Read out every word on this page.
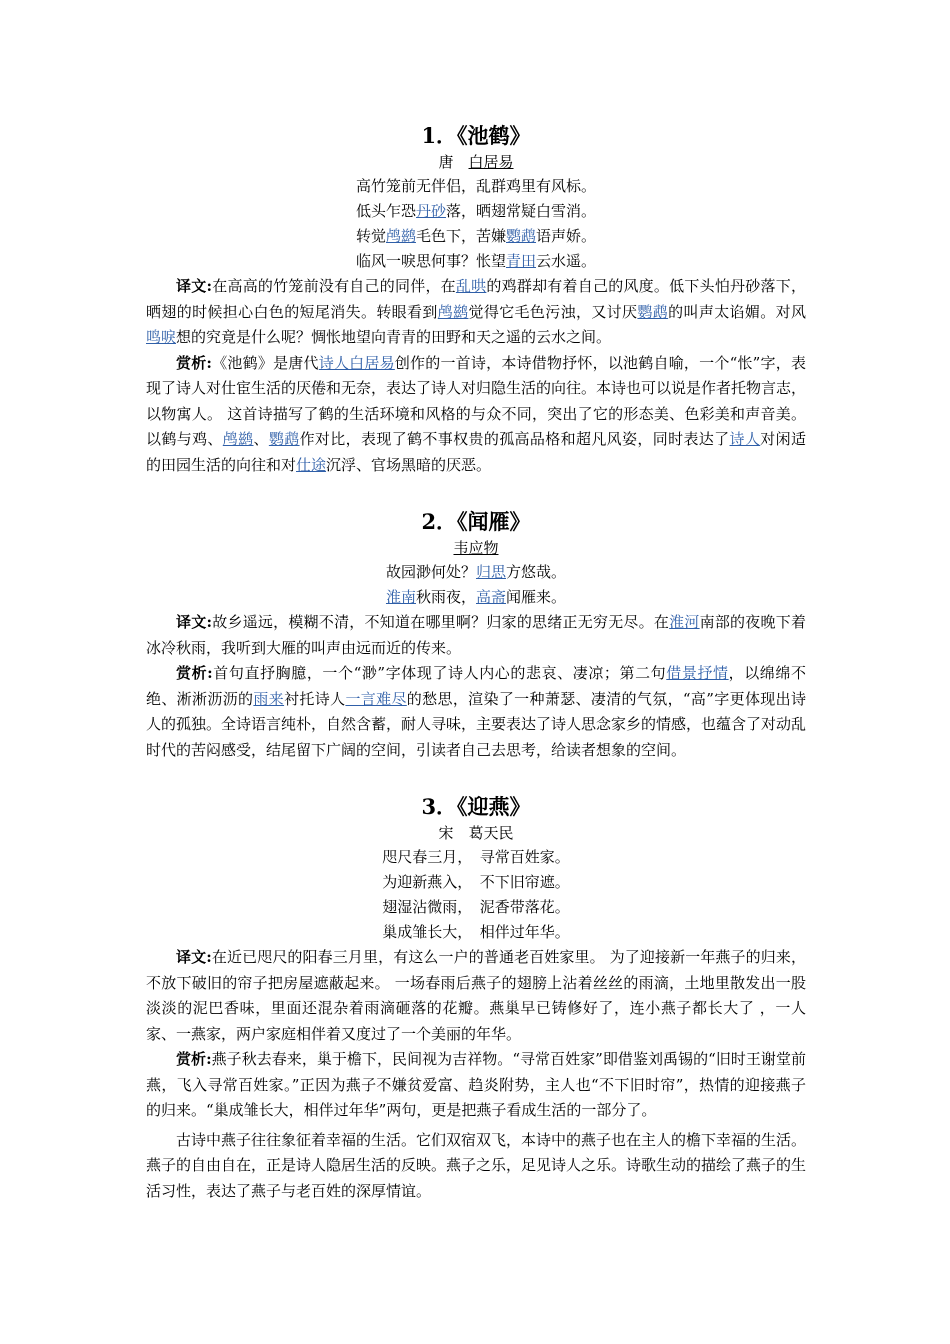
1．《池鹤》
唐　 白居易
高竹笼前无伴侣，乱群鸡里有风标。
低头乍恐丹砂落，晒翅常疑白雪消。
转觉鸬鹚毛色下，苦嫌鹦鹉语声娇。
临风一唳思何事？怅望青田云水遥。

译文:在高高的竹笼前没有自己的同伴，在乱哄的鸡群却有着自己的风度。低下头怕丹砂落下，晒翅的时候担心白色的短尾消失。转眼看到鸬鹚觉得它毛色污浊，又讨厌鹦鹉的叫声太谄媚。对风鸣唳想的究竟是什么呢？惆怅地望向青青的田野和天之遥的云水之间。

赏析:《池鹤》是唐代诗人白居易创作的一首诗，本诗借物抒怀，以池鹤自喻，一个“怅”字，表现了诗人对仕宦生活的厌倦和无奈，表达了诗人对归隐生活的向往。本诗也可以说是作者托物言志，以物寓人。 这首诗描写了鹤的生活环境和风格的与众不同，突出了它的形态美、色彩美和声音美。以鹤与鸡、鸬鹚、鹦鹉作对比，表现了鹤不事权贵的孤高品格和超凡风姿，同时表达了诗人对闲适的田园生活的向往和对仕途沉浮、官场黑暗的厌恶。

2．《闻雁》
韦应物
故园渺何处？归思方悠哉。
淮南秋雨夜，高斋闻雁来。

译文:故乡遥远，模糊不清，不知道在哪里啊？归家的思绪正无穷无尽。在淮河南部的夜晚下着冰冷秋雨，我听到大雁的叫声由远而近的传来。

赏析:首句直抒胸臆，一个“渺”字体现了诗人内心的悲哀、凄凉；第二句借景抒情，以绵绵不绝、淅淅沥沥的雨来衬托诗人一言难尽的愁思，渲染了一种萧瑟、凄清的气氛，“高”字更体现出诗人的孤独。全诗语言纯朴，自然含蓄，耐人寻味，主要表达了诗人思念家乡的情感，也蕴含了对动乱时代的苦闷感受，结尾留下广阔的空间，引读者自己去思考，给读者想象的空间。

3．《迎燕》
宋　 葛天民
咫尺春三月，　寻常百姓家。
为迎新燕入，　不下旧帘遮。
翅湿沾微雨，　泥香带落花。
巢成雏长大，　相伴过年华。

译文:在近已咫尺的阳春三月里，有这么一户的普通老百姓家里。 为了迎接新一年燕子的归来，不放下破旧的帘子把房屋遮蔽起来。 一场春雨后燕子的翅膀上沾着丝丝的雨滴，土地里散发出一股淡淡的泥巴香味，里面还混杂着雨滴砸落的花瓣。燕巢早已铸修好了，连小燕子都长大了 ，一人家、一燕家，两户家庭相伴着又度过了一个美丽的年华。

赏析:燕子秋去春来，巢于檐下，民间视为吉祥物。“寻常百姓家”即借鉴刘禹锡的“旧时王谢堂前燕，飞入寻常百姓家。”正因为燕子不嫌贫爱富、趋炎附势，主人也“不下旧时帘”，热情的迎接燕子的归来。“巢成雏长大，相伴过年华”两句，更是把燕子看成生活的一部分了。

古诗中燕子往往象征着幸福的生活。它们双宿双飞，本诗中的燕子也在主人的檐下幸福的生活。燕子的自由自在，正是诗人隐居生活的反映。燕子之乐，足见诗人之乐。诗歌生动的描绘了燕子的生活习性，表达了燕子与老百姓的深厚情谊。
